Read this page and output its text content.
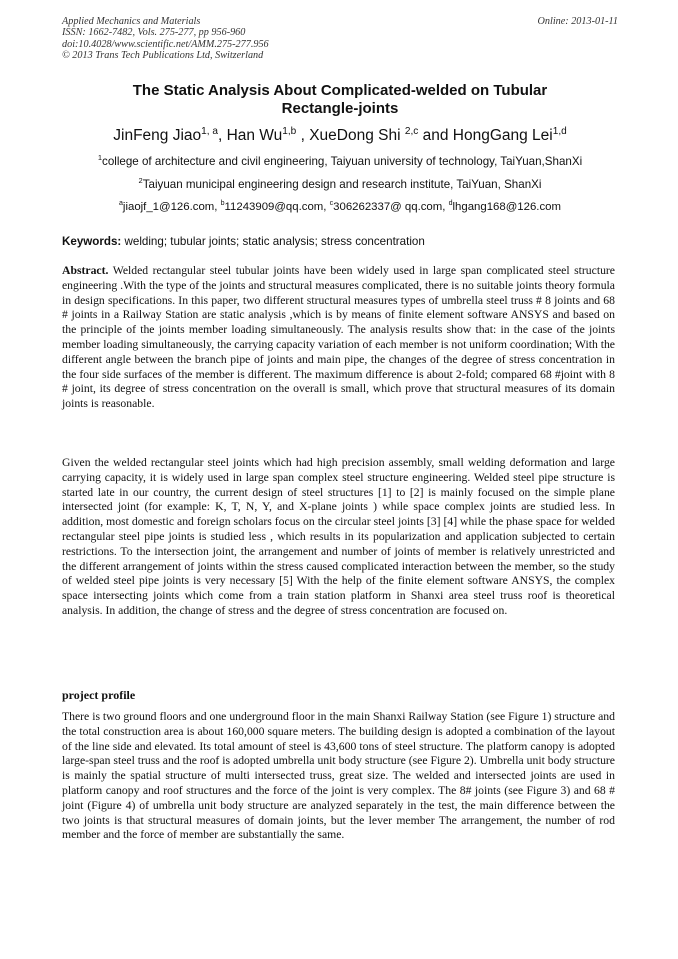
Applied Mechanics and Materials
ISSN: 1662-7482, Vols. 275-277, pp 956-960
doi:10.4028/www.scientific.net/AMM.275-277.956
© 2013 Trans Tech Publications Ltd, Switzerland
Online: 2013-01-11
The Static Analysis About Complicated-welded on Tubular
Rectangle-joints
JinFeng Jiao$^{1, a}$, Han Wu$^{1,b}$ , XueDong Shi $^{2,c}$ and HongGang Lei$^{1,d}$
$^1$college of architecture and civil engineering, Taiyuan university of technology, TaiYuan,ShanXi
$^2$Taiyuan municipal engineering design and research institute, TaiYuan, ShanXi
$^a$jiaojf_1@126.com, $^b$11243909@qq.com, $^c$306262337@ qq.com, $^d$lhgang168@126.com
Keywords: welding; tubular joints; static analysis; stress concentration
Abstract. Welded rectangular steel tubular joints have been widely used in large span complicated steel structure engineering .With the type of the joints and structural measures complicated, there is no suitable joints theory formula in design specifications. In this paper, two different structural measures types of umbrella steel truss # 8 joints and 68 # joints in a Railway Station are static analysis ,which is by means of finite element software ANSYS and based on the principle of the joints member loading simultaneously. The analysis results show that: in the case of the joints member loading simultaneously, the carrying capacity variation of each member is not uniform coordination; With the different angle between the branch pipe of joints and main pipe, the changes of the degree of stress concentration in the four side surfaces of the member is different. The maximum difference is about 2-fold; compared 68 #joint with 8 # joint, its degree of stress concentration on the overall is small, which prove that structural measures of its domain joints is reasonable.
Given the welded rectangular steel joints which had high precision assembly, small welding deformation and large carrying capacity, it is widely used in large span complex steel structure engineering. Welded steel pipe structure is started late in our country, the current design of steel structures [1] to [2] is mainly focused on the simple plane intersected joint (for example: K, T, N, Y, and X-plane joints ) while space complex joints are studied less. In addition, most domestic and foreign scholars focus on the circular steel joints [3] [4] while the phase space for welded rectangular steel pipe joints is studied less , which results in its popularization and application subjected to certain restrictions. To the intersection joint, the arrangement and number of joints of member is relatively unrestricted and the different arrangement of joints within the stress caused complicated interaction between the member, so the study of welded steel pipe joints is very necessary [5] With the help of the finite element software ANSYS, the complex space intersecting joints which come from a train station platform in Shanxi area steel truss roof is theoretical analysis. In addition, the change of stress and the degree of stress concentration are focused on.
project profile
There is two ground floors and one underground floor in the main Shanxi Railway Station (see Figure 1) structure and the total construction area is about 160,000 square meters. The building design is adopted a combination of the layout of the line side and elevated. Its total amount of steel is 43,600 tons of steel structure. The platform canopy is adopted large-span steel truss and the roof is adopted umbrella unit body structure (see Figure 2). Umbrella unit body structure is mainly the spatial structure of multi intersected truss, great size. The welded and intersected joints are used in platform canopy and roof structures and the force of the joint is very complex. The 8# joints (see Figure 3) and 68 # joint (Figure 4) of umbrella unit body structure are analyzed separately in the test, the main difference between the two joints is that structural measures of domain joints, but the lever member The arrangement, the number of rod member and the force of member are substantially the same.
